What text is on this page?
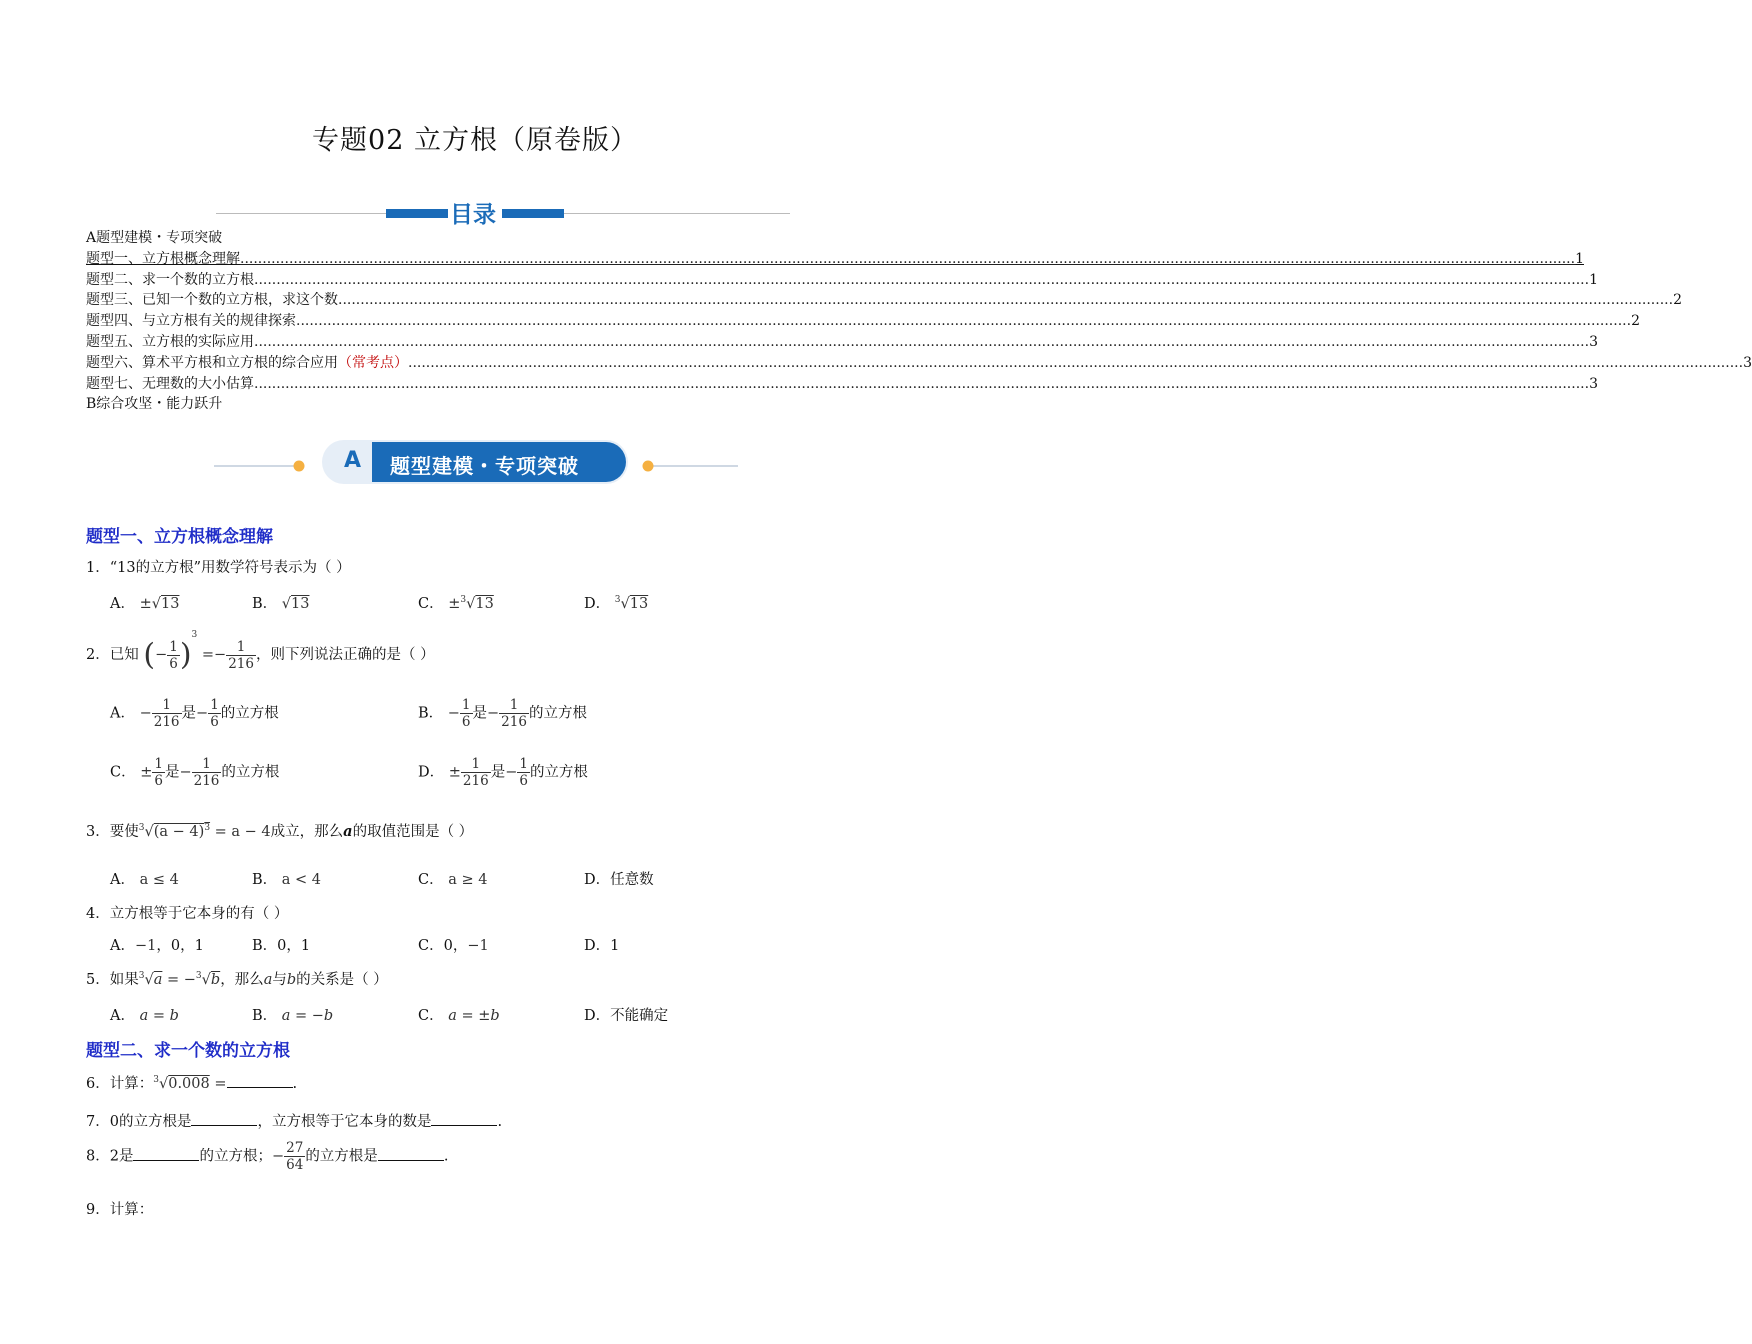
专题02 立方根（原卷版）
目录
A题型建模・专项突破
题型一、立方根概念理解 ............................................................................................................................................................................................................................................................................................................ 1
题型二、求一个数的立方根 ............................................................................................................................................................................................................................................................................................................ 1
题型三、已知一个数的立方根，求这个数 ............................................................................................................................................................................................................................................................................................................ 2
题型四、与立方根有关的规律探索 ............................................................................................................................................................................................................................................................................................................ 2
题型五、立方根的实际应用 ............................................................................................................................................................................................................................................................................................................ 3
题型六、算术平方根和立方根的综合应用 （常考点） ............................................................................................................................................................................................................................................................................................................ 3
题型七、无理数的大小估算 ............................................................................................................................................................................................................................................................................................................ 3
B综合攻坚・能力跃升
A 题型建模・专项突破
题型一、立方根概念理解
1．“13的立方根”用数学符号表示为（ ）
A． ±√13	B． √13	C． ±$^3$√13	D． $^3$√13
2．已知 (− $\frac{1}{6} )^3 =- \frac{1}{216}$ ，则下列说法正确的是（ ）
A． − $\frac{1}{216}$ 是− $\frac{1}{6}$ 的立方根	B． − $\frac{1}{6}$ 是− $\frac{1}{216}$ 的立方根
C． ± $\frac{1}{6}$ 是− $\frac{1}{216}$ 的立方根	D． ± $\frac{1}{216}$ 是− $\frac{1}{6}$ 的立方根
3．要使$^3√(a - 4)^3 = a - 4$成立，那么a的取值范围是（ ）
A． a ≤ 4	B． a < 4	C． a ≥ 4	D．任意数
4．立方根等于它本身的有（ ）
A．−1，0，1	B．0，1	C．0，−1	D．1
5．如果$^3$√a = −$^3$√b，那么a与b的关系是（ ）
A． a = b	B． a = −b	C． a = ±b	D．不能确定
题型二、求一个数的立方根
6．计算：$^3$√0.008 =	.
7．0的立方根是	，立方根等于它本身的数是	.
8．2是	的立方根；− $\frac{27}{64}$ 的立方根是	.
9．计算：
